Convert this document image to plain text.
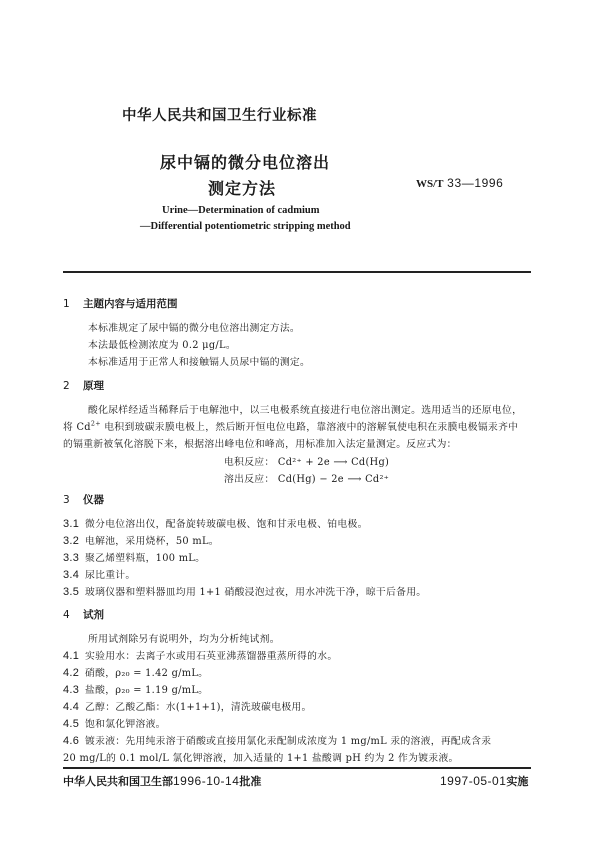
中华人民共和国卫生行业标准
尿中镉的微分电位溶出
测定方法	WS/T 33—1996
Urine—Determination of cadmium
—Differential potentiometric stripping method
1 主题内容与适用范围
本标准规定了尿中镉的微分电位溶出测定方法。
本法最低检测浓度为 0.2 μg/L。
本标准适用于正常人和接触镉人员尿中镉的测定。
2 原理
酸化尿样经适当稀释后于电解池中，以三电极系统直接进行电位溶出测定。选用适当的还原电位，
将 $Cd^{2+}$ 电积到玻碳汞膜电极上，然后断开恒电位电路，靠溶液中的溶解氧使电积在汞膜电极镉汞齐中
的镉重新被氧化溶脱下来，根据溶出峰电位和峰高，用标准加入法定量测定。反应式为：
电积反应： Cd²⁺ + 2e ⟶ Cd(Hg)
溶出反应： Cd(Hg) − 2e ⟶ Cd²⁺
3 仪器
3.1 微分电位溶出仪，配备旋转玻碳电极、饱和甘汞电极、铂电极。
3.2 电解池，采用烧杯，50 mL。
3.3 聚乙烯塑料瓶，100 mL。
3.4 尿比重计。
3.5 玻璃仪器和塑料器皿均用 1+1 硝酸浸泡过夜，用水冲洗干净，晾干后备用。
4 试剂
所用试剂除另有说明外，均为分析纯试剂。
4.1 实验用水：去离子水或用石英亚沸蒸馏器重蒸所得的水。
4.2 硝酸，ρ₂₀ = 1.42 g/mL。
4.3 盐酸，ρ₂₀ = 1.19 g/mL。
4.4 乙醇：乙酸乙酯：水(1+1+1)，清洗玻碳电极用。
4.5 饱和氯化钾溶液。
4.6 镀汞液：先用纯汞溶于硝酸或直接用氯化汞配制成浓度为 1 mg/mL 汞的溶液，再配成含汞
20 mg/L的 0.1 mol/L 氯化钾溶液，加入适量的 1+1 盐酸调 pH 约为 2 作为镀汞液。
中华人民共和国卫生部1996-10-14批准	1997-05-01实施
